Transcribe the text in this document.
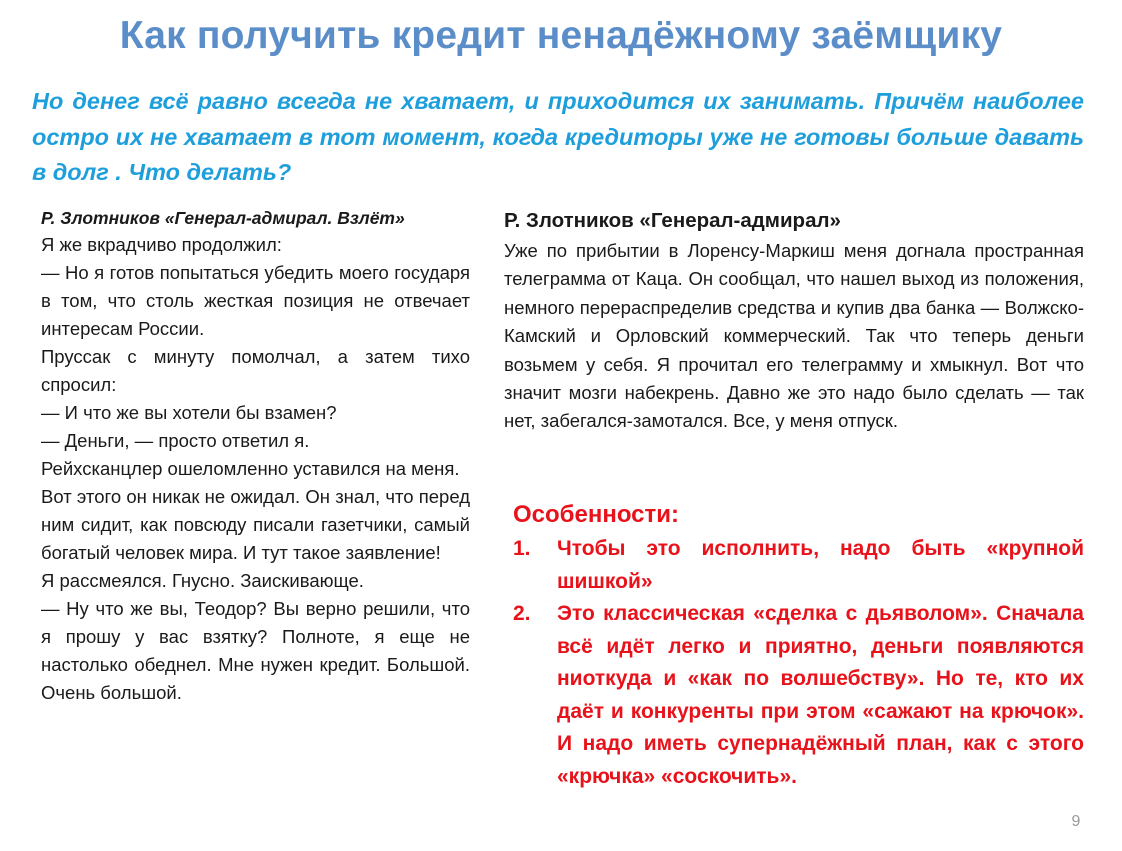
Как получить кредит ненадёжному заёмщику
Но денег всё равно всегда не хватает, и приходится их занимать. Причём наиболее остро их не хватает в тот момент, когда кредиторы уже не готовы больше давать в долг . Что делать?
Р. Злотников «Генерал-адмирал. Взлёт»

Я же вкрадчиво продолжил:

— Но я готов попытаться убедить моего государя в том, что столь жесткая позиция не отвечает интересам России.

Пруссак с минуту помолчал, а затем тихо спросил:

— И что же вы хотели бы взамен?

— Деньги, — просто ответил я.

Рейхсканцлер ошеломленно уставился на меня.

Вот этого он никак не ожидал. Он знал, что перед ним сидит, как повсюду писали газетчики, самый богатый человек мира. И тут такое заявление!

Я рассмеялся. Гнусно. Заискивающе.

— Ну что же вы, Теодор? Вы верно решили, что я прошу у вас взятку? Полноте, я еще не настолько обеднел. Мне нужен кредит. Большой. Очень большой.

Р. Злотников «Генерал-адмирал»

Уже по прибытии в Лоренсу-Маркиш меня догнала пространная телеграмма от Каца. Он сообщал, что нашел выход из положения, немного перераспределив средства и купив два банка — Волжско-Камский и Орловский коммерческий. Так что теперь деньги возьмем у себя. Я прочитал его телеграмму и хмыкнул. Вот что значит мозги набекрень. Давно же это надо было сделать — так нет, забегался-замотался. Все, у меня отпуск.

Особенности:
1.	Чтобы это исполнить, надо быть «крупной шишкой»
2.	Это классическая «сделка с дьяволом». Сначала всё идёт легко и приятно, деньги появляются ниоткуда и «как по волшебству». Но те, кто их даёт и конкуренты при этом «сажают на крючок». И надо иметь супернадёжный план, как с этого «крючка» «соскочить».
9
